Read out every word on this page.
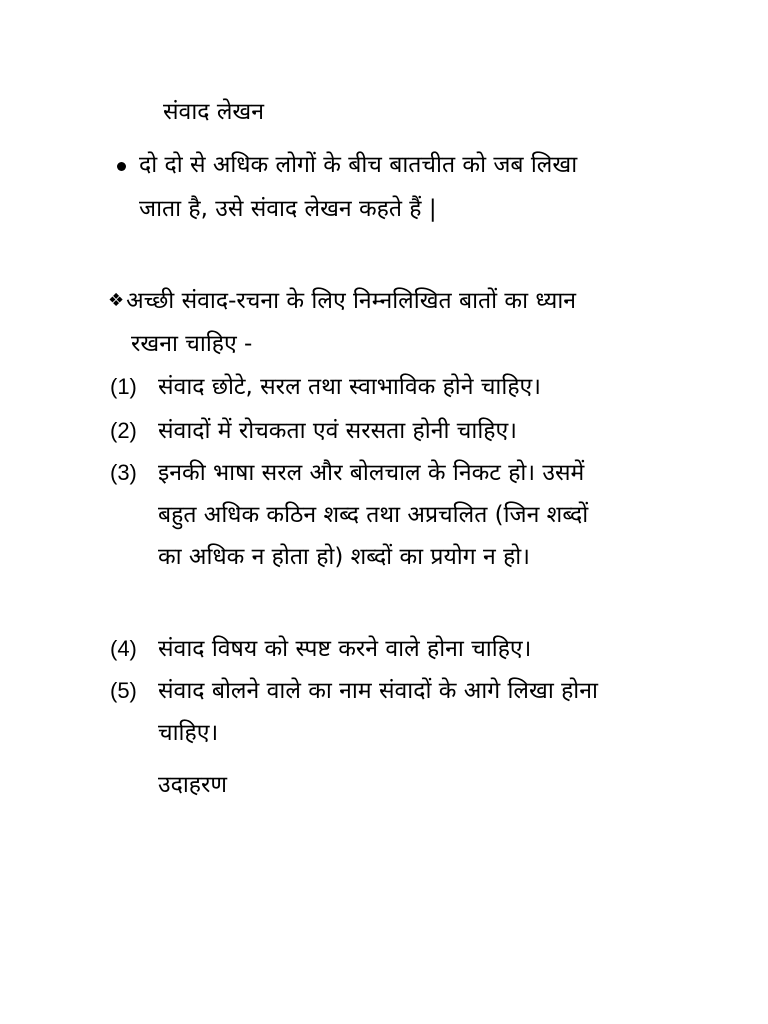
संवाद लेखन
दो दो से अधिक लोगों के बीच बातचीत को जब लिखा
जाता है, उसे संवाद लेखन कहते हैं |
❖अच्छी संवाद-रचना के लिए निम्नलिखित बातों का ध्यान
रखना चाहिए -
(1) संवाद छोटे, सरल तथा स्वाभाविक होने चाहिए।
(2) संवादों में रोचकता एवं सरसता होनी चाहिए।
(3) इनकी भाषा सरल और बोलचाल के निकट हो। उसमें
बहुत अधिक कठिन शब्द तथा अप्रचलित (जिन शब्दों
का अधिक न होता हो) शब्दों का प्रयोग न हो।
(4) संवाद विषय को स्पष्ट करने वाले होना चाहिए।
(5) संवाद बोलने वाले का नाम संवादों के आगे लिखा होना
चाहिए।
उदाहरण
